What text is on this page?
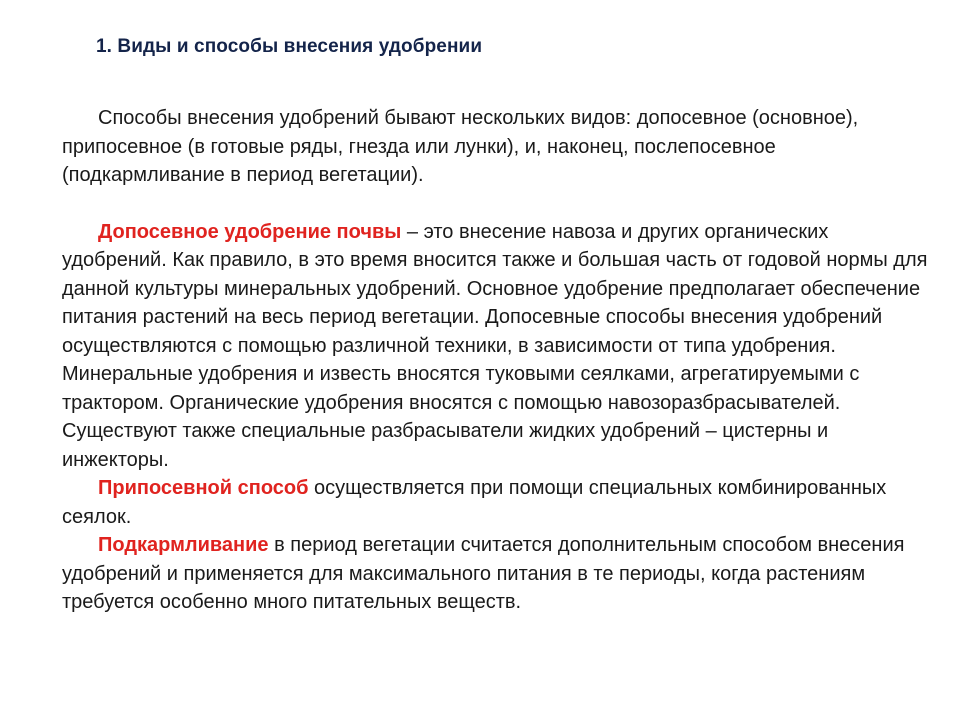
1. Виды и способы внесения удобрении

Способы внесения удобрений бывают нескольких видов: допосевное (основное), припосевное (в готовые ряды, гнезда или лунки), и, наконец, послепосевное (подкармливание в период вегетации).

Допосевное удобрение почвы – это внесение навоза и других органических удобрений. Как правило, в это время вносится также и большая часть от годовой нормы для данной культуры минеральных удобрений. Основное удобрение предполагает обеспечение питания растений на весь период вегетации. Допосевные способы внесения удобрений осуществляются с помощью различной техники, в зависимости от типа удобрения. Минеральные удобрения и известь вносятся туковыми сеялками, агрегатируемыми с трактором. Органические удобрения вносятся с помощью навозоразбрасывателей. Существуют также специальные разбрасыватели жидких удобрений – цистерны и инжекторы.

Припосевной способ осуществляется при помощи специальных комбинированных сеялок.

Подкармливание в период вегетации считается дополнительным способом внесения удобрений и применяется для максимального питания в те периоды, когда растениям требуется особенно много питательных веществ.
